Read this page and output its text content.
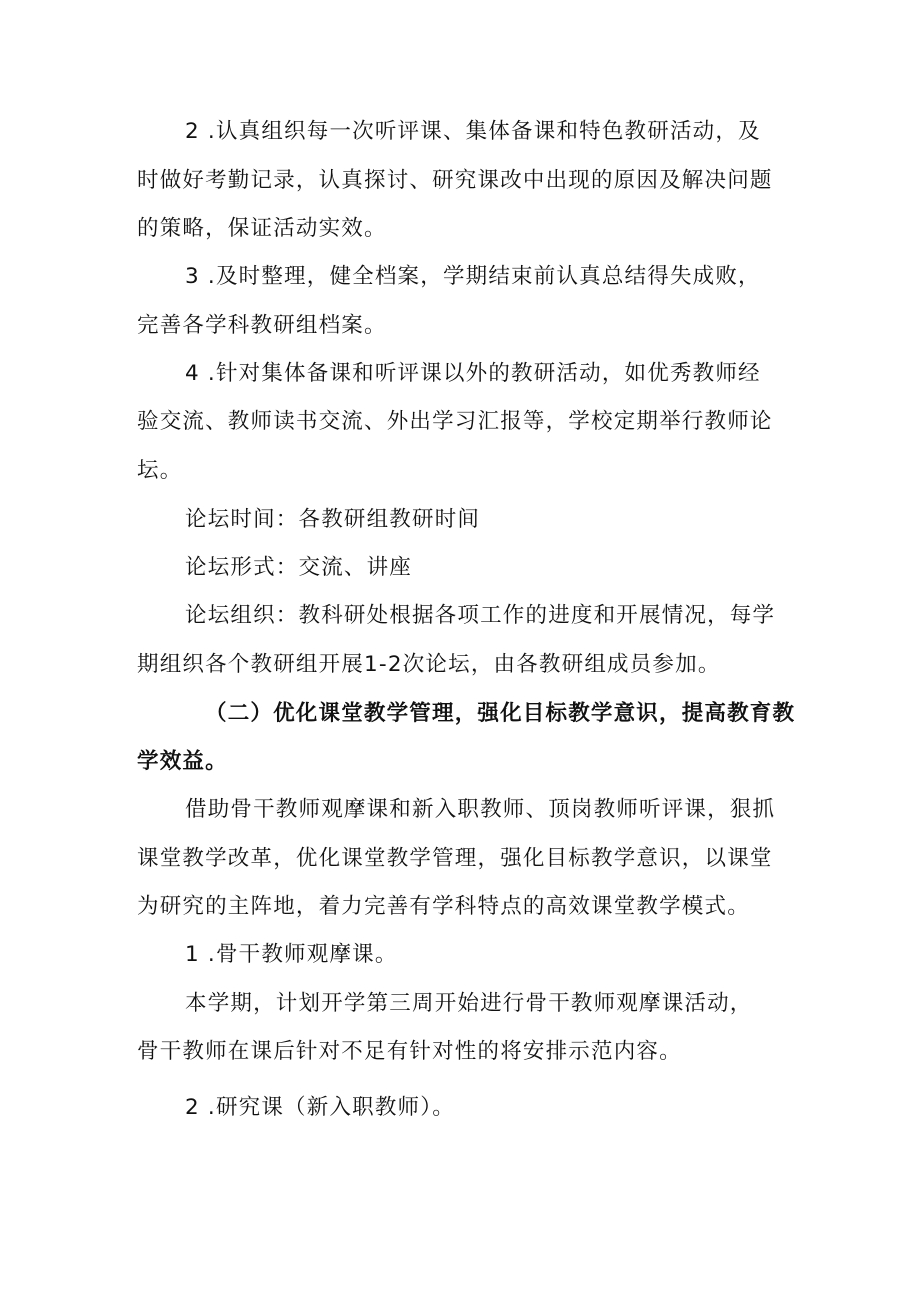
2 .认真组织每一次听评课、集体备课和特色教研活动，及
时做好考勤记录，认真探讨、研究课改中出现的原因及解决问题
的策略，保证活动实效。
3 .及时整理，健全档案，学期结束前认真总结得失成败，
完善各学科教研组档案。
4 .针对集体备课和听评课以外的教研活动，如优秀教师经
验交流、教师读书交流、外出学习汇报等，学校定期举行教师论
坛。
论坛时间：各教研组教研时间
论坛形式：交流、讲座
论坛组织：教科研处根据各项工作的进度和开展情况，每学
期组织各个教研组开展1-2次论坛，由各教研组成员参加。
（二）优化课堂教学管理，强化目标教学意识，提高教育教
学效益。
借助骨干教师观摩课和新入职教师、顶岗教师听评课，狠抓
课堂教学改革，优化课堂教学管理，强化目标教学意识，以课堂
为研究的主阵地，着力完善有学科特点的高效课堂教学模式。
1 .骨干教师观摩课。
本学期，计划开学第三周开始进行骨干教师观摩课活动，
骨干教师在课后针对不足有针对性的将安排示范内容。
2 .研究课（新入职教师）。
